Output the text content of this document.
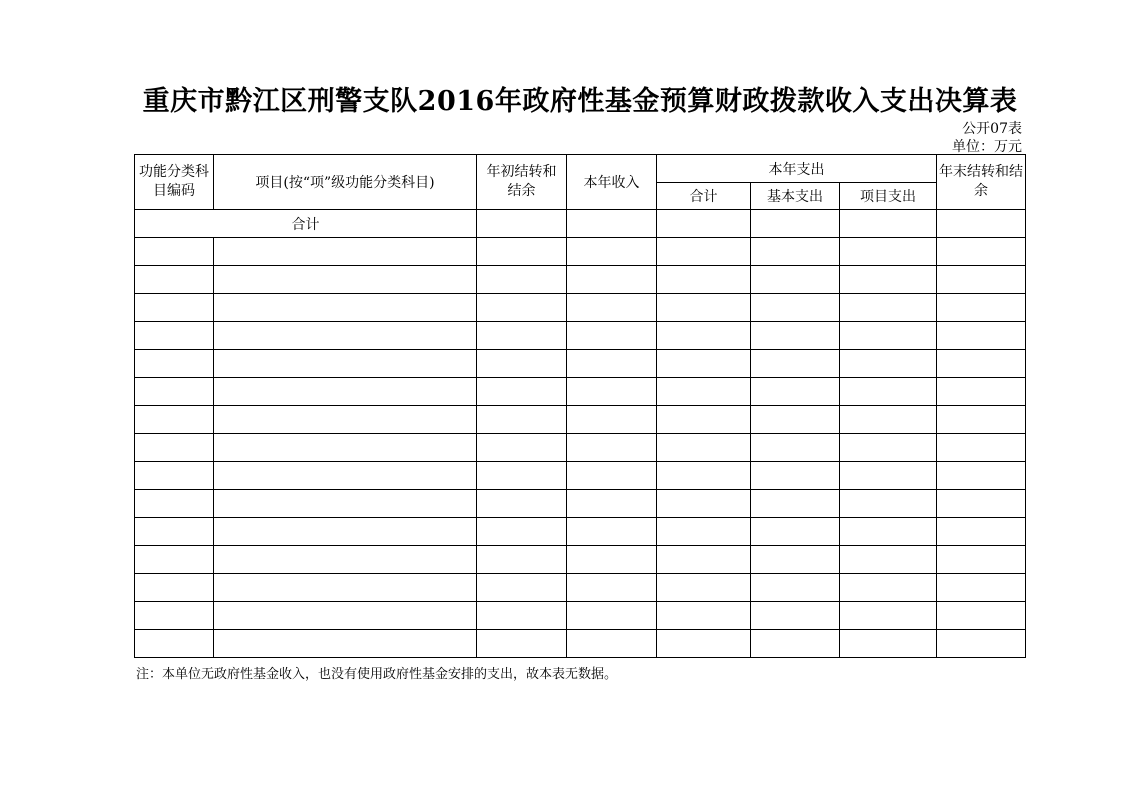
重庆市黔江区刑警支队2016年政府性基金预算财政拨款收入支出决算表
公开07表
单位：万元
功能分类科目编码	项目(按“项”级功能分类科目)	年初结转和结余	本年收入	本年支出			年末结转和结余

				合计	基本支出	项目支出	
合计							

注：本单位无政府性基金收入，也没有使用政府性基金安排的支出，故本表无数据。
